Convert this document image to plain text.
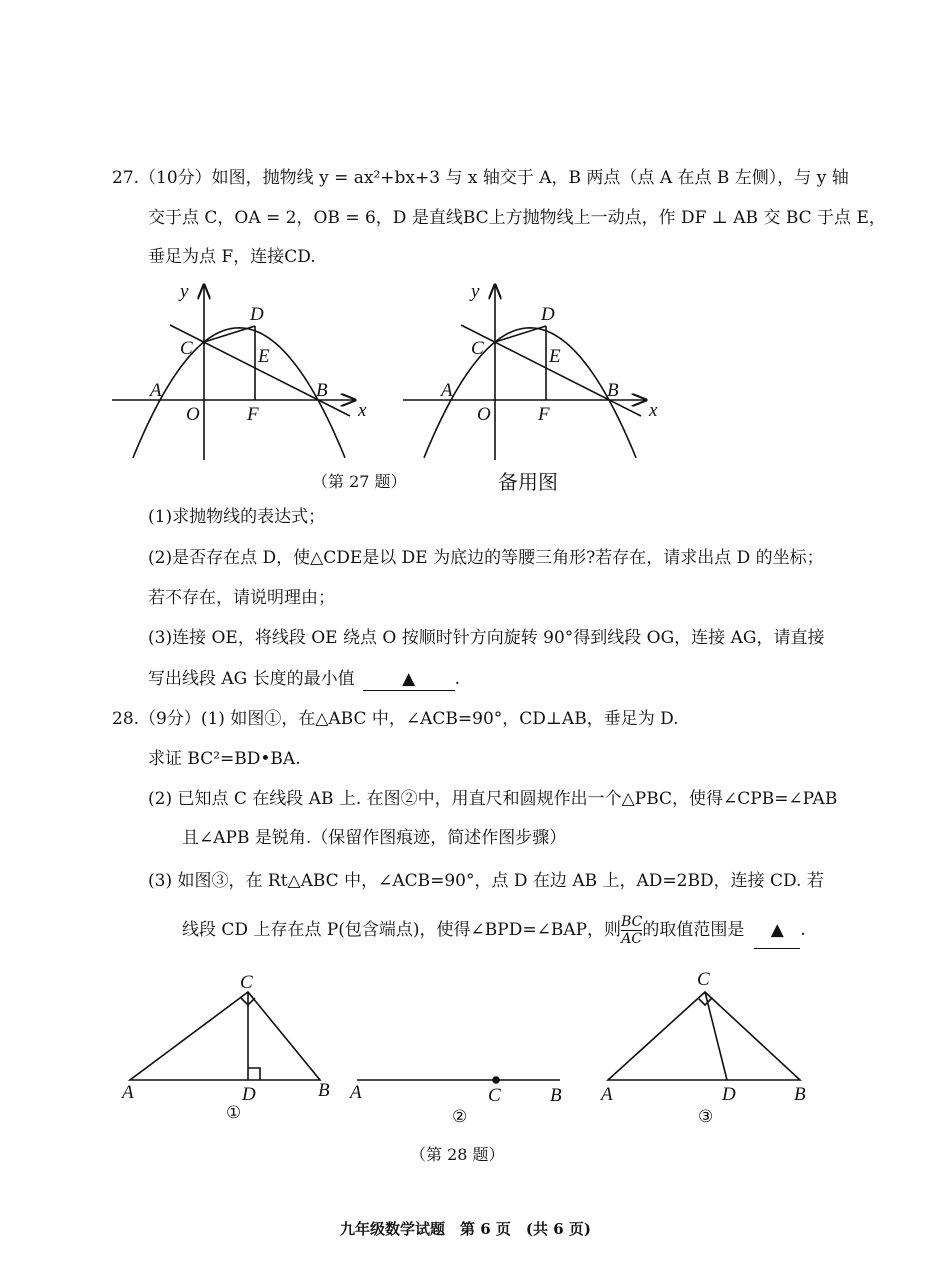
27.（10分）如图，抛物线 y = ax²+bx+3 与 x 轴交于 A，B 两点（点 A 在点 B 左侧），与 y 轴
交于点 C，OA = 2，OB = 6，D 是直线BC上方抛物线上一动点，作 DF ⊥ AB 交 BC 于点 E，
垂足为点 F，连接CD.
y
x
A	B
C
D
E
F
O
y
x
A	B
C
D
E
F
O
C
A	B
D
①
A	C	B
②
C
A	D	B
③
（第 27 题）	备用图
(1)求抛物线的表达式；
(2)是否存在点 D，使△CDE是以 DE 为底边的等腰三角形?若存在，请求出点 D 的坐标；
若不存在，请说明理由；
(3)连接 OE，将线段 OE 绕点 O 按顺时针方向旋转 90°得到线段 OG，连接 AG，请直接
写出线段 AG 长度的最小值	▲ .
28.（9分）(1) 如图①，在△ABC 中，∠ACB=90°，CD⊥AB，垂足为 D.
求证 BC²=BD•BA.
(2) 已知点 C 在线段 AB 上. 在图②中，用直尺和圆规作出一个△PBC，使得∠CPB=∠PAB
且∠APB 是锐角.（保留作图痕迹，简述作图步骤）
(3) 如图③，在 Rt△ABC 中，∠ACB=90°，点 D 在边 AB 上，AD=2BD，连接 CD. 若
线段 CD 上存在点 P(包含端点)，使得∠BPD=∠BAP，则 $\frac{BC}{AC}$ 的取值范围是 ▲ .
（第 28 题）
九年级数学试题　第 6 页　(共 6 页)
